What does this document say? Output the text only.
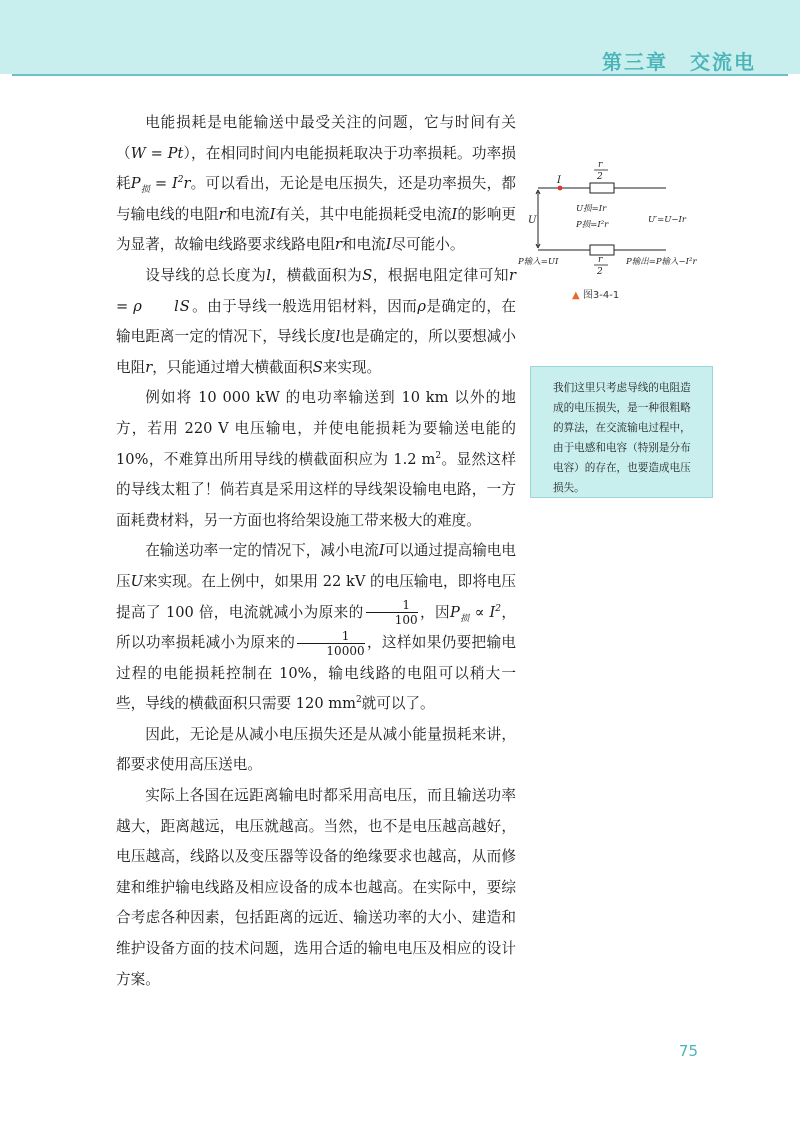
第三章　交流电

电能损耗是电能输送中最受关注的问题，它与时间有关（W = Pt），在相同时间内电能损耗取决于功率损耗。功率损耗$P_损 = I^2r$。可以看出，无论是电压损失，还是功率损失，都与输电线的电阻r和电流I有关，其中电能损耗受电流I的影响更为显著，故输电线路要求线路电阻r和电流I尽可能小。

设导线的总长度为l，横截面积为S，根据电阻定律可知r = ρ lS 。由于导线一般选用铝材料，因而ρ是确定的，在输电距离一定的情况下，导线长度l也是确定的，所以要想减小电阻r，只能通过增大横截面积S来实现。

例如将 10 000 kW 的电功率输送到 10 km 以外的地方，若用 220 V 电压输电，并使电能损耗为要输送电能的 10%，不难算出所用导线的横截面积应为 1.2 $m^2$。显然这样的导线太粗了！倘若真是采用这样的导线架设输电电路，一方面耗费材料，另一方面也将给架设施工带来极大的难度。

在输送功率一定的情况下，减小电流I可以通过提高输电电压U来实现。在上例中，如果用 22 kV 的电压输电，即将电压提高了 100 倍，电流就减小为原来的 $\frac{1}{100}$ ，因$P_损 \propto I^2$，所以功率损耗减小为原来的 $\frac{1}{10000}$ ，这样如果仍要把输电过程的电能损耗控制在 10%，输电线路的电阻可以稍大一些，导线的横截面积只需要 120 $mm^2$就可以了。

因此，无论是从减小电压损失还是从减小能量损耗来讲，都要求使用高压送电。

实际上各国在远距离输电时都采用高电压，而且输送功率越大，距离越远，电压就越高。当然，也不是电压越高越好，电压越高，线路以及变压器等设备的绝缘要求也越高，从而修建和维护输电线路及相应设备的成本也越高。在实际中，要综合考虑各种因素，包括距离的远近、输送功率的大小、建造和维护设备方面的技术问题，选用合适的输电电压及相应的设计方案。

I
r
2
U
U损=Ir
P损=I²r	U′=U−Ir
P输入=UI	r
2
P输出=P输入−I²r
▲ 图3-4-1
我们这里只考虑导线的电阻造成的电压损失，是一种很粗略的算法，在交流输电过程中，由于电感和电容（特别是分布电容）的存在，也要造成电压损失。
75
